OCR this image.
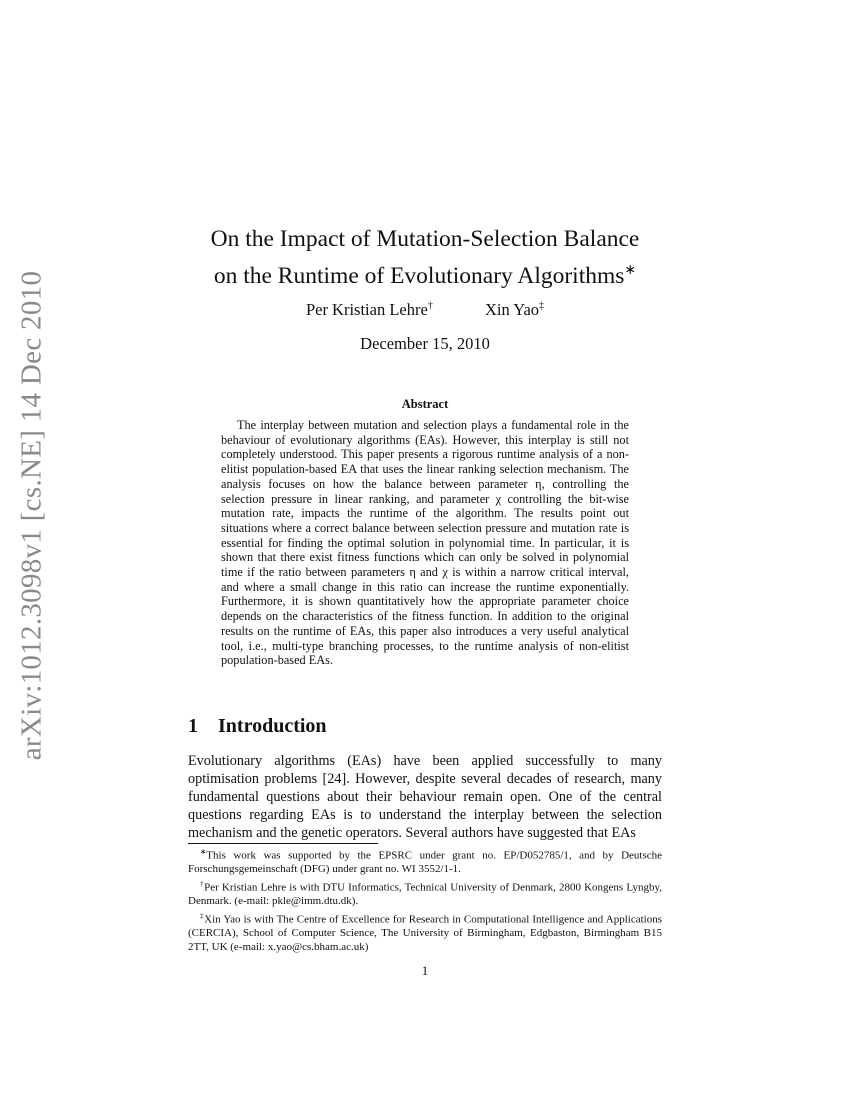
arXiv:1012.3098v1 [cs.NE] 14 Dec 2010
On the Impact of Mutation-Selection Balance
on the Runtime of Evolutionary Algorithms∗
Per Kristian Lehre†	Xin Yao‡
December 15, 2010
Abstract

The interplay between mutation and selection plays a fundamental role in the behaviour of evolutionary algorithms (EAs). However, this interplay is still not completely understood. This paper presents a rigorous runtime analysis of a non-elitist population-based EA that uses the linear ranking selection mechanism. The analysis focuses on how the balance between parameter η, controlling the selection pressure in linear ranking, and parameter χ controlling the bit-wise mutation rate, impacts the runtime of the algorithm. The results point out situations where a correct balance between selection pressure and mutation rate is essential for finding the optimal solution in polynomial time. In particular, it is shown that there exist fitness functions which can only be solved in polynomial time if the ratio between parameters η and χ is within a narrow critical interval, and where a small change in this ratio can increase the runtime exponentially. Furthermore, it is shown quantitatively how the appropriate parameter choice depends on the characteristics of the fitness function. In addition to the original results on the runtime of EAs, this paper also introduces a very useful analytical tool, i.e., multi-type branching processes, to the runtime analysis of non-elitist population-based EAs.

1 Introduction

Evolutionary algorithms (EAs) have been applied successfully to many optimisation problems [24]. However, despite several decades of research, many fundamental questions about their behaviour remain open. One of the central questions regarding EAs is to understand the interplay between the selection mechanism and the genetic operators. Several authors have suggested that EAs

∗This work was supported by the EPSRC under grant no. EP/D052785/1, and by Deutsche Forschungsgemeinschaft (DFG) under grant no. WI 3552/1-1.

†Per Kristian Lehre is with DTU Informatics, Technical University of Denmark, 2800 Kongens Lyngby, Denmark. (e-mail: pkle@imm.dtu.dk).

‡Xin Yao is with The Centre of Excellence for Research in Computational Intelligence and Applications (CERCIA), School of Computer Science, The University of Birmingham, Edgbaston, Birmingham B15 2TT, UK (e-mail: x.yao@cs.bham.ac.uk)

1
